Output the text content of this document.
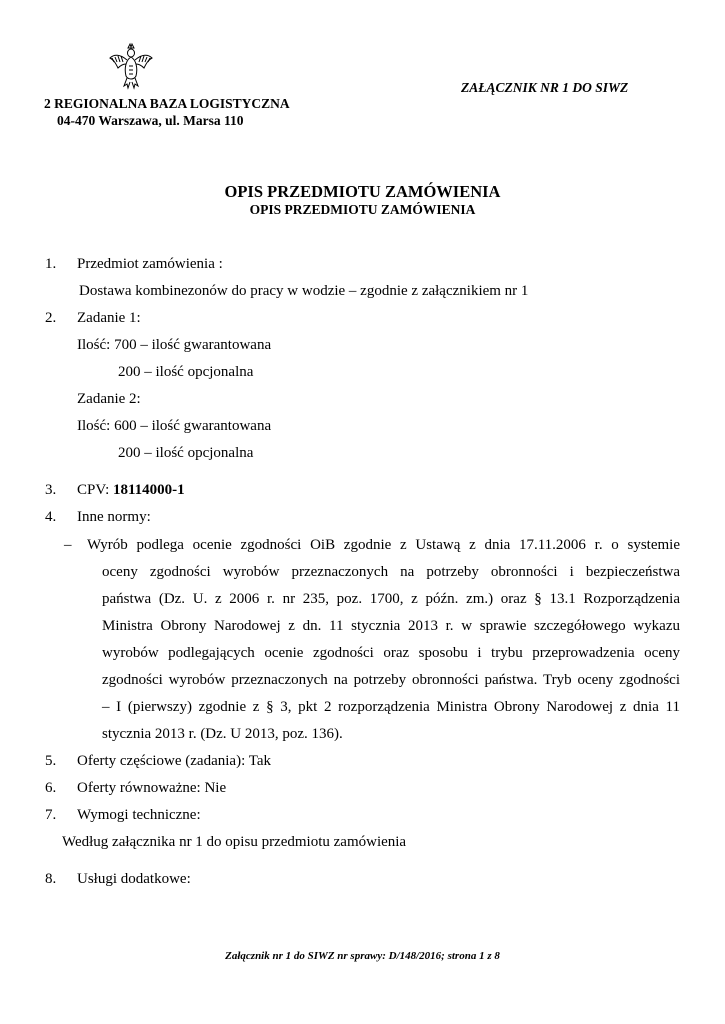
2 REGIONALNA BAZA LOGISTYCZNA
04-470 Warszawa, ul. Marsa 110
ZAŁĄCZNIK NR 1 DO SIWZ
OPIS PRZEDMIOTU ZAMÓWIENIA
OPIS PRZEDMIOTU ZAMÓWIENIA
1.	Przedmiot zamówienia :
Dostawa kombinezonów do pracy w wodzie – zgodnie z załącznikiem nr 1
2.	Zadanie 1:
Ilość: 700 – ilość gwarantowana
200 – ilość opcjonalna
Zadanie 2:
Ilość: 600 – ilość gwarantowana
200 – ilość opcjonalna
3.	CPV: 18114000-1
4.	Inne normy:
– Wyrób podlega ocenie zgodności OiB zgodnie z Ustawą z dnia 17.11.2006 r. o systemie
oceny zgodności wyrobów przeznaczonych na potrzeby obronności i bezpieczeństwa
państwa (Dz. U. z 2006 r. nr 235, poz. 1700, z późn. zm.) oraz § 13.1 Rozporządzenia
Ministra Obrony Narodowej z dn. 11 stycznia 2013 r. w sprawie szczegółowego wykazu
wyrobów podlegających ocenie zgodności oraz sposobu i trybu przeprowadzenia oceny
zgodności wyrobów przeznaczonych na potrzeby obronności państwa. Tryb oceny zgodności
– I (pierwszy) zgodnie z § 3, pkt 2 rozporządzenia Ministra Obrony Narodowej z dnia 11
stycznia 2013 r. (Dz. U 2013, poz. 136).
5.	Oferty częściowe (zadania): Tak
6.	Oferty równoważne: Nie
7.	Wymogi techniczne:
Według załącznika nr 1 do opisu przedmiotu zamówienia
8.	Usługi dodatkowe:
Załącznik nr 1 do SIWZ nr sprawy: D/148/2016; strona 1 z 8
